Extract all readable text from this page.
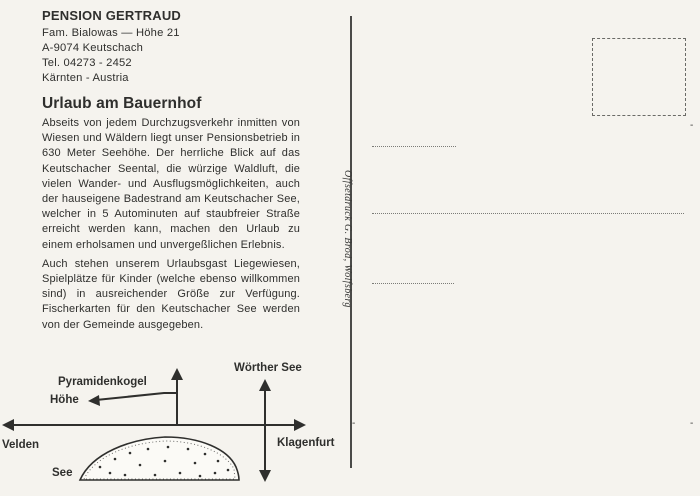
PENSION GERTRAUD
Fam. Bialowas — Höhe 21
A-9074 Keutschach
Tel. 04273 - 2452
Kärnten - Austria
Urlaub am Bauernhof

Abseits von jedem Durchzugsverkehr inmitten von Wiesen und Wäldern liegt unser Pensionsbetrieb in 630 Meter Seehöhe. Der herrliche Blick auf das Keutschacher Seental, die würzige Waldluft, die vielen Wander- und Ausflugsmöglichkeiten, auch der hauseigene Badestrand am Keutschacher See, welcher in 5 Autominuten auf staubfreier Straße erreicht werden kann, machen den Urlaub zu einem erholsamen und unvergeßlichen Erlebnis.

Auch stehen unserem Urlaubsgast Liegewiesen, Spielplätze für Kinder (welche ebenso willkommen sind) in ausreichender Größe zur Verfügung. Fischerkarten für den Keutschacher See werden von der Gemeinde ausgegeben.

Pyramidenkogel
Höhe
Wörther See
Velden	Klagenfurt
See
Offsetdruck G. Brod, Wolfsberg
-
-	-
